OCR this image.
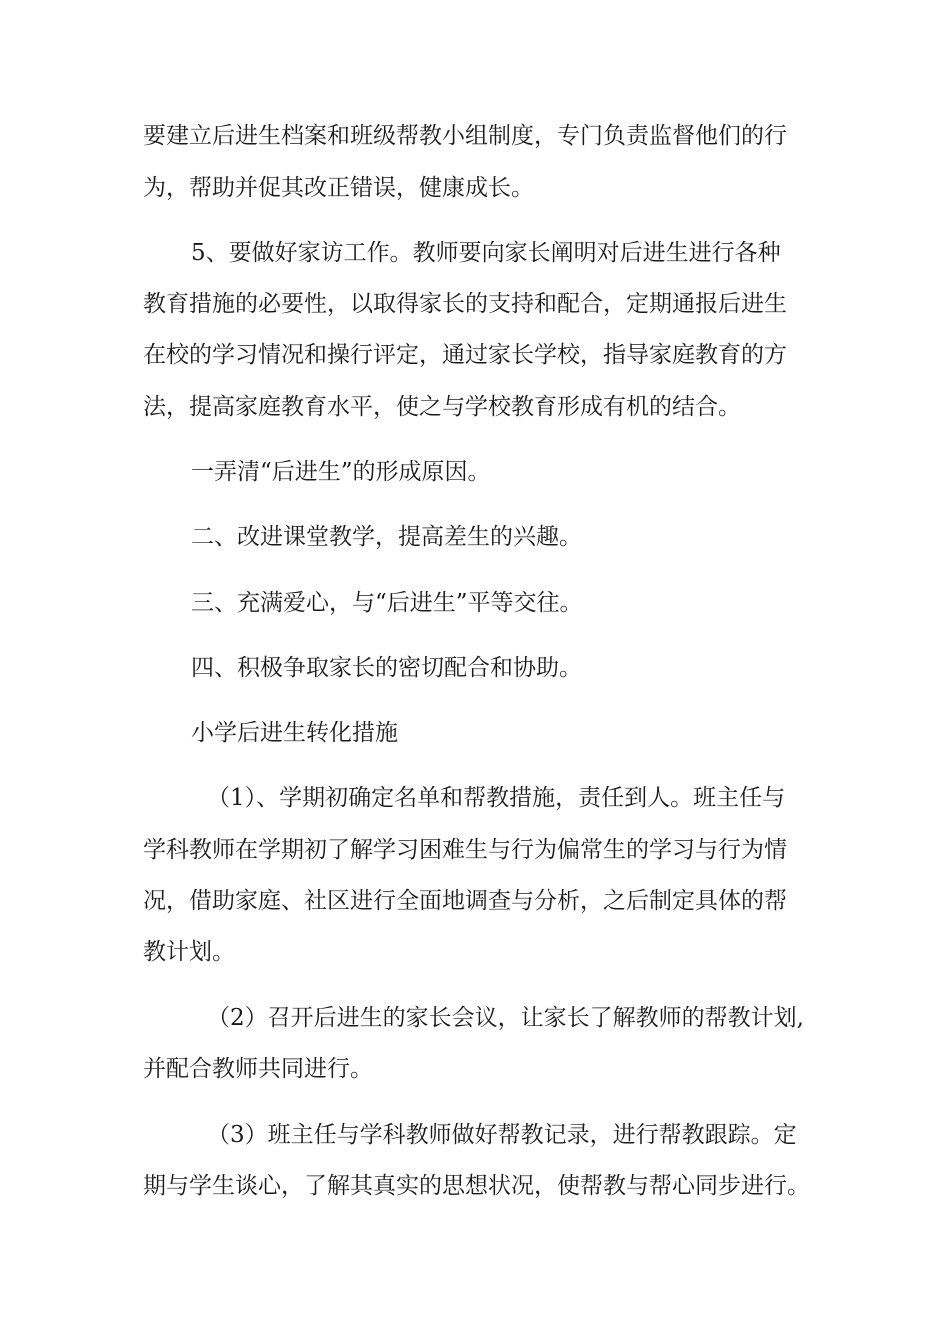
要建立后进生档案和班级帮教小组制度，专门负责监督他们的行
为，帮助并促其改正错误，健康成长。
5、要做好家访工作。教师要向家长阐明对后进生进行各种
教育措施的必要性，以取得家长的支持和配合，定期通报后进生
在校的学习情况和操行评定，通过家长学校，指导家庭教育的方
法，提高家庭教育水平，使之与学校教育形成有机的结合。
一弄清“后进生”的形成原因。
二、改进课堂教学，提高差生的兴趣。
三、充满爱心，与“后进生”平等交往。
四、积极争取家长的密切配合和协助。
小学后进生转化措施
（1）、学期初确定名单和帮教措施，责任到人。班主任与
学科教师在学期初了解学习困难生与行为偏常生的学习与行为情
况，借助家庭、社区进行全面地调查与分析，之后制定具体的帮
教计划。
（2）召开后进生的家长会议，让家长了解教师的帮教计划,
并配合教师共同进行。
（3）班主任与学科教师做好帮教记录，进行帮教跟踪。定
期与学生谈心，了解其真实的思想状况，使帮教与帮心同步进行。
